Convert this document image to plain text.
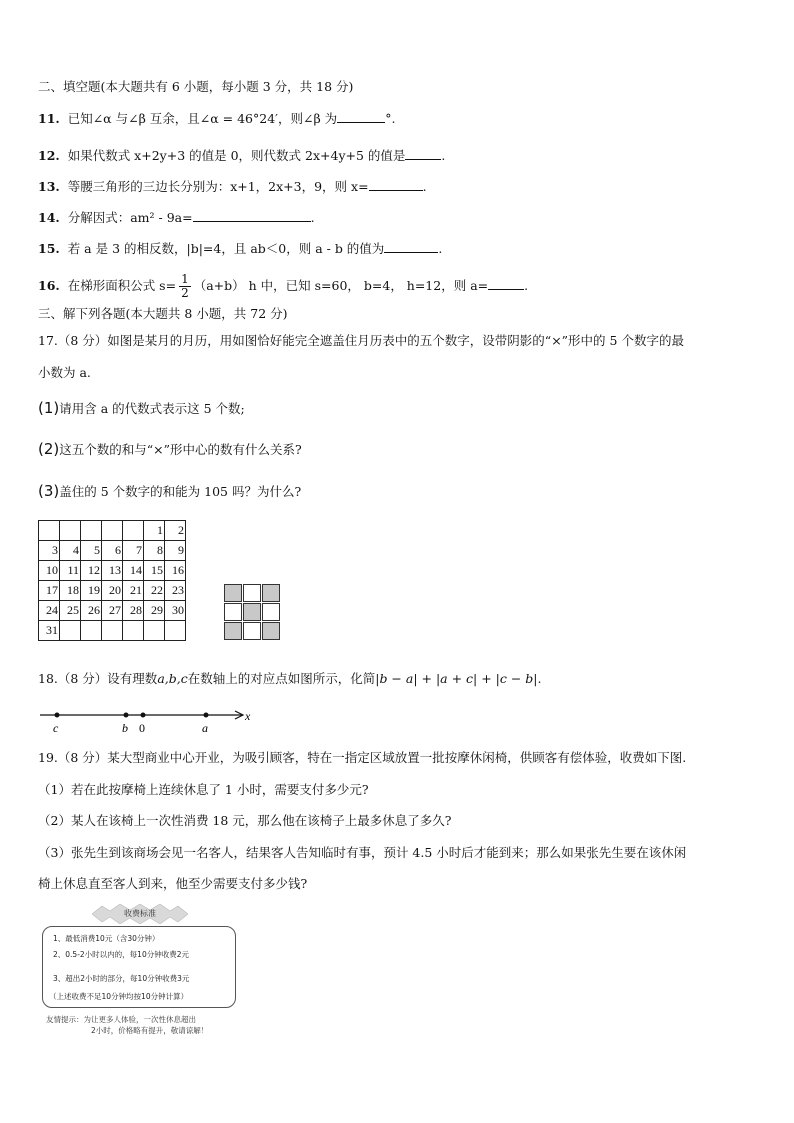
二、填空题(本大题共有 6 小题，每小题 3 分，共 18 分)
11. 已知∠α 与∠β 互余，且∠α = 46°24′，则∠β 为	°.
12. 如果代数式 x+2y+3 的值是 0，则代数式 2x+4y+5 的值是	.
13. 等腰三角形的三边长分别为：x+1，2x+3，9，则 x=	.
14. 分解因式：am² - 9a=	.
15. 若 a 是 3 的相反数，|b|=4，且 ab＜0，则 a - b 的值为	.
16. 在梯形面积公式 $s= \frac{1}{2} (a+b)$ h 中，已知 s=60， b=4， h=12，则 a=	.
三、解下列各题(本大题共 8 小题，共 72 分)
17.（8 分）如图是某月的月历，用如图恰好能完全遮盖住月历表中的五个数字，设带阴影的“×”形中的 5 个数字的最
小数为 a.
(1)请用含 a 的代数式表示这 5 个数;
(2)这五个数的和与“×”形中心的数有什么关系?
(3)盖住的 5 个数字的和能为 105 吗？为什么?
					1	2
3	4	5	6	7	8	9
10	11	12	13	14	15	16
17	18	19	20	21	22	23
24	25	26	27	28	29	30
31						
18.（8 分）设有理数a,b,c在数轴上的对应点如图所示，化简|b − a| + |a + c| + |c − b|.
c	b 0	a
x
19.（8 分）某大型商业中心开业，为吸引顾客，特在一指定区域放置一批按摩休闲椅，供顾客有偿体验，收费如下图.
（1）若在此按摩椅上连续休息了 1 小时，需要支付多少元?
（2）某人在该椅上一次性消费 18 元，那么他在该椅子上最多休息了多久?
（3）张先生到该商场会见一名客人，结果客人告知临时有事，预计 4.5 小时后才能到来；那么如果张先生要在该休闲
椅上休息直至客人到来，他至少需要支付多少钱?
收费标准
1、最低消费10元（含30分钟）
2、0.5-2小时以内的，每10分钟收费2元
3、超出2小时的部分，每10分钟收费3元
（上述收费不足10分钟均按10分钟计算）
友情提示：为让更多人体验，一次性休息超出
2小时，价格略有提升，敬请谅解！
